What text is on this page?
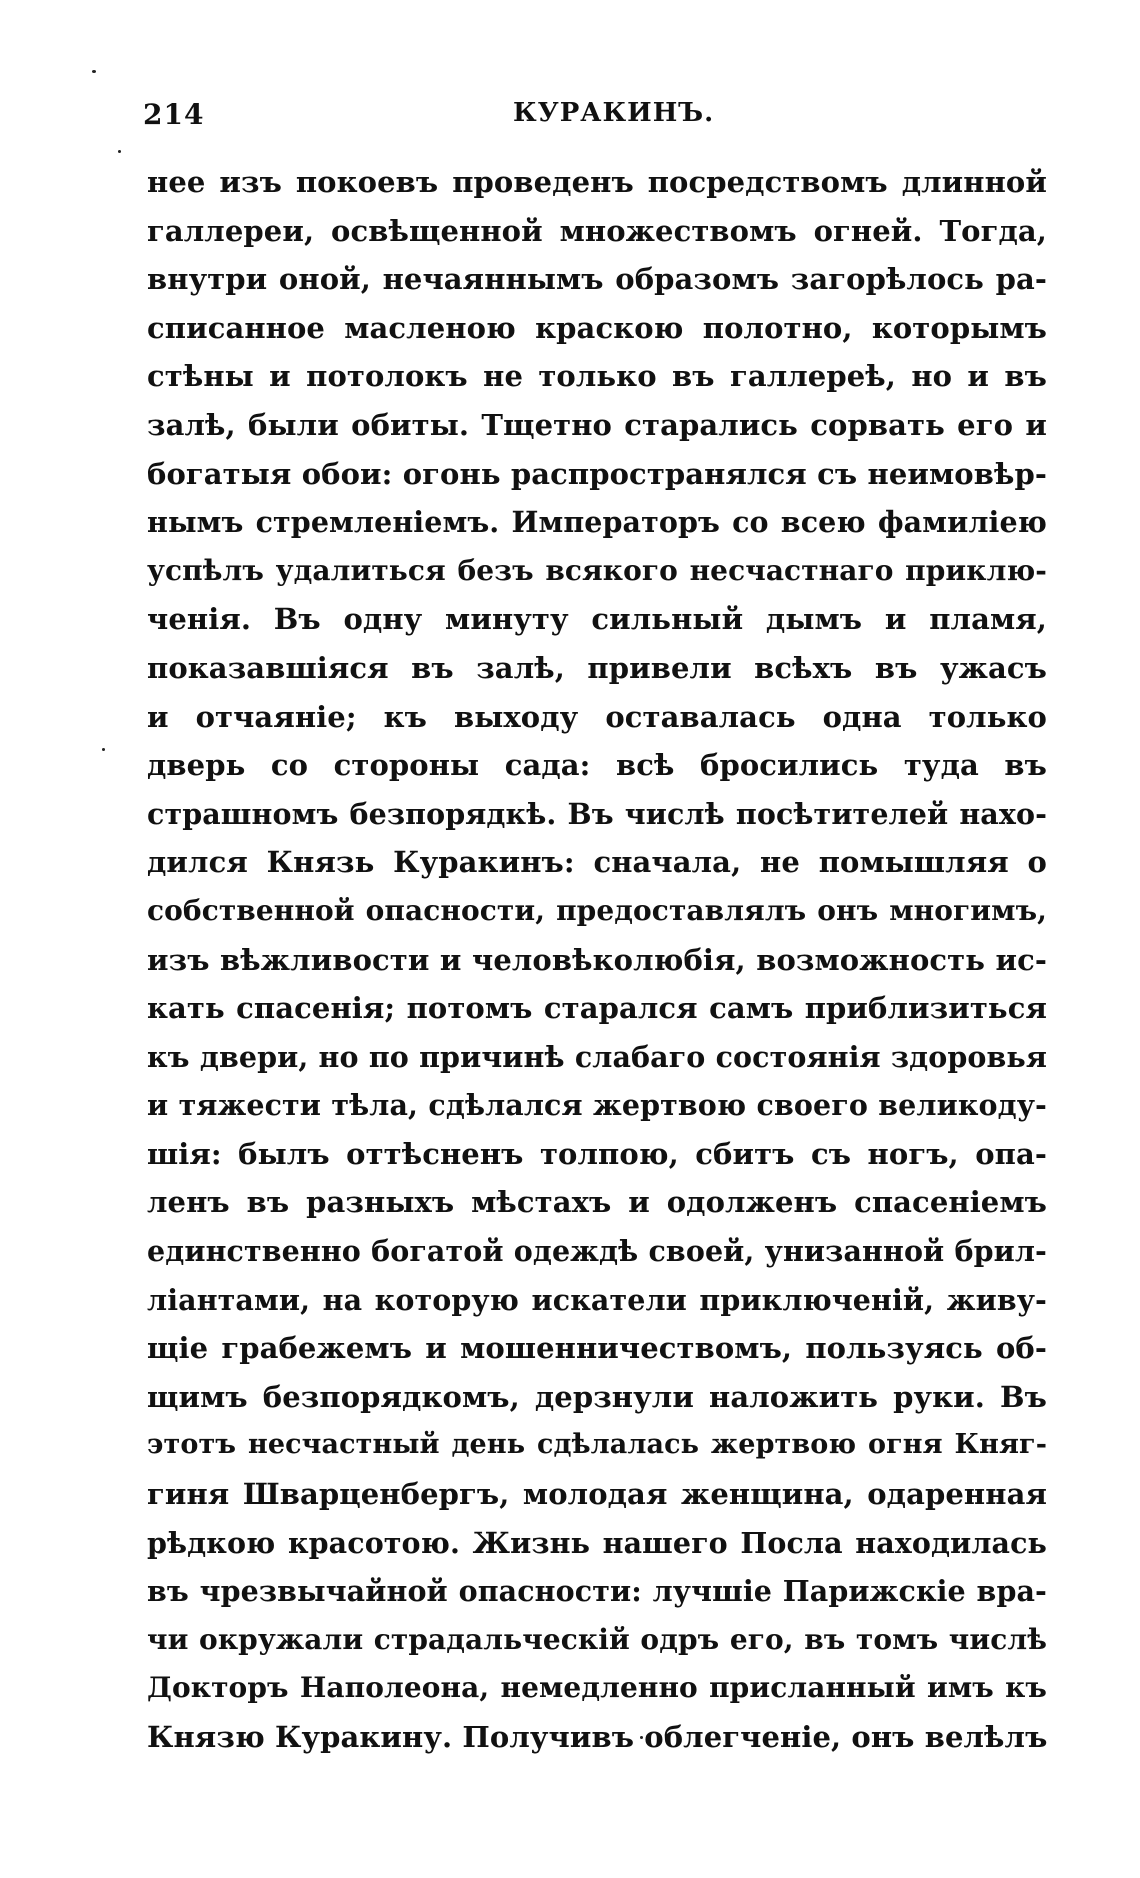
214	КУРАКИНЪ.
нее изъ покоевъ проведенъ посредствомъ длинной
галлереи, освѣщенной множествомъ огней. Тогда,
внутри оной, нечаяннымъ образомъ загорѣлось ра-
списанное масленою краскою полотно, которымъ
стѣны и потолокъ не только въ галлереѣ, но и въ
залѣ, были обиты. Тщетно старались сорвать его и
богатыя обои: огонь распространялся съ неимовѣр-
нымъ стремленіемъ. Императоръ со всею фамиліею
успѣлъ удалиться безъ всякого несчастнаго приклю-
ченія. Въ одну минуту сильный дымъ и пламя,
показавшіяся въ залѣ, привели всѣхъ въ ужасъ
и отчаяніе; къ выходу оставалась одна только
дверь со стороны сада: всѣ бросились туда въ
страшномъ безпорядкѣ. Въ числѣ посѣтителей нахо-
дился Князь Куракинъ: сначала, не помышляя о
собственной опасности, предоставлялъ онъ многимъ,
изъ вѣжливости и человѣколюбія, возможность ис-
кать спасенія; потомъ старался самъ приблизиться
къ двери, но по причинѣ слабаго состоянія здоровья
и тяжести тѣла, сдѣлался жертвою своего великоду-
шія: былъ оттѣсненъ толпою, сбитъ съ ногъ, опа-
ленъ въ разныхъ мѣстахъ и одолженъ спасеніемъ
единственно богатой одеждѣ своей, унизанной брил-
ліантами, на которую искатели приключеній, живу-
щіе грабежемъ и мошенничествомъ, пользуясь об-
щимъ безпорядкомъ, дерзнули наложить руки. Въ
этотъ несчастный день сдѣлалась жертвою огня Княг-
гиня Шварценбергъ, молодая женщина, одаренная
рѣдкою красотою. Жизнь нашего Посла находилась
въ чрезвычайной опасности: лучшіе Парижскіе вра-
чи окружали страдальческій одръ его, въ томъ числѣ
Докторъ Наполеона, немедленно присланный имъ къ
Князю Куракину. Получивъ облегченіе, онъ велѣлъ
